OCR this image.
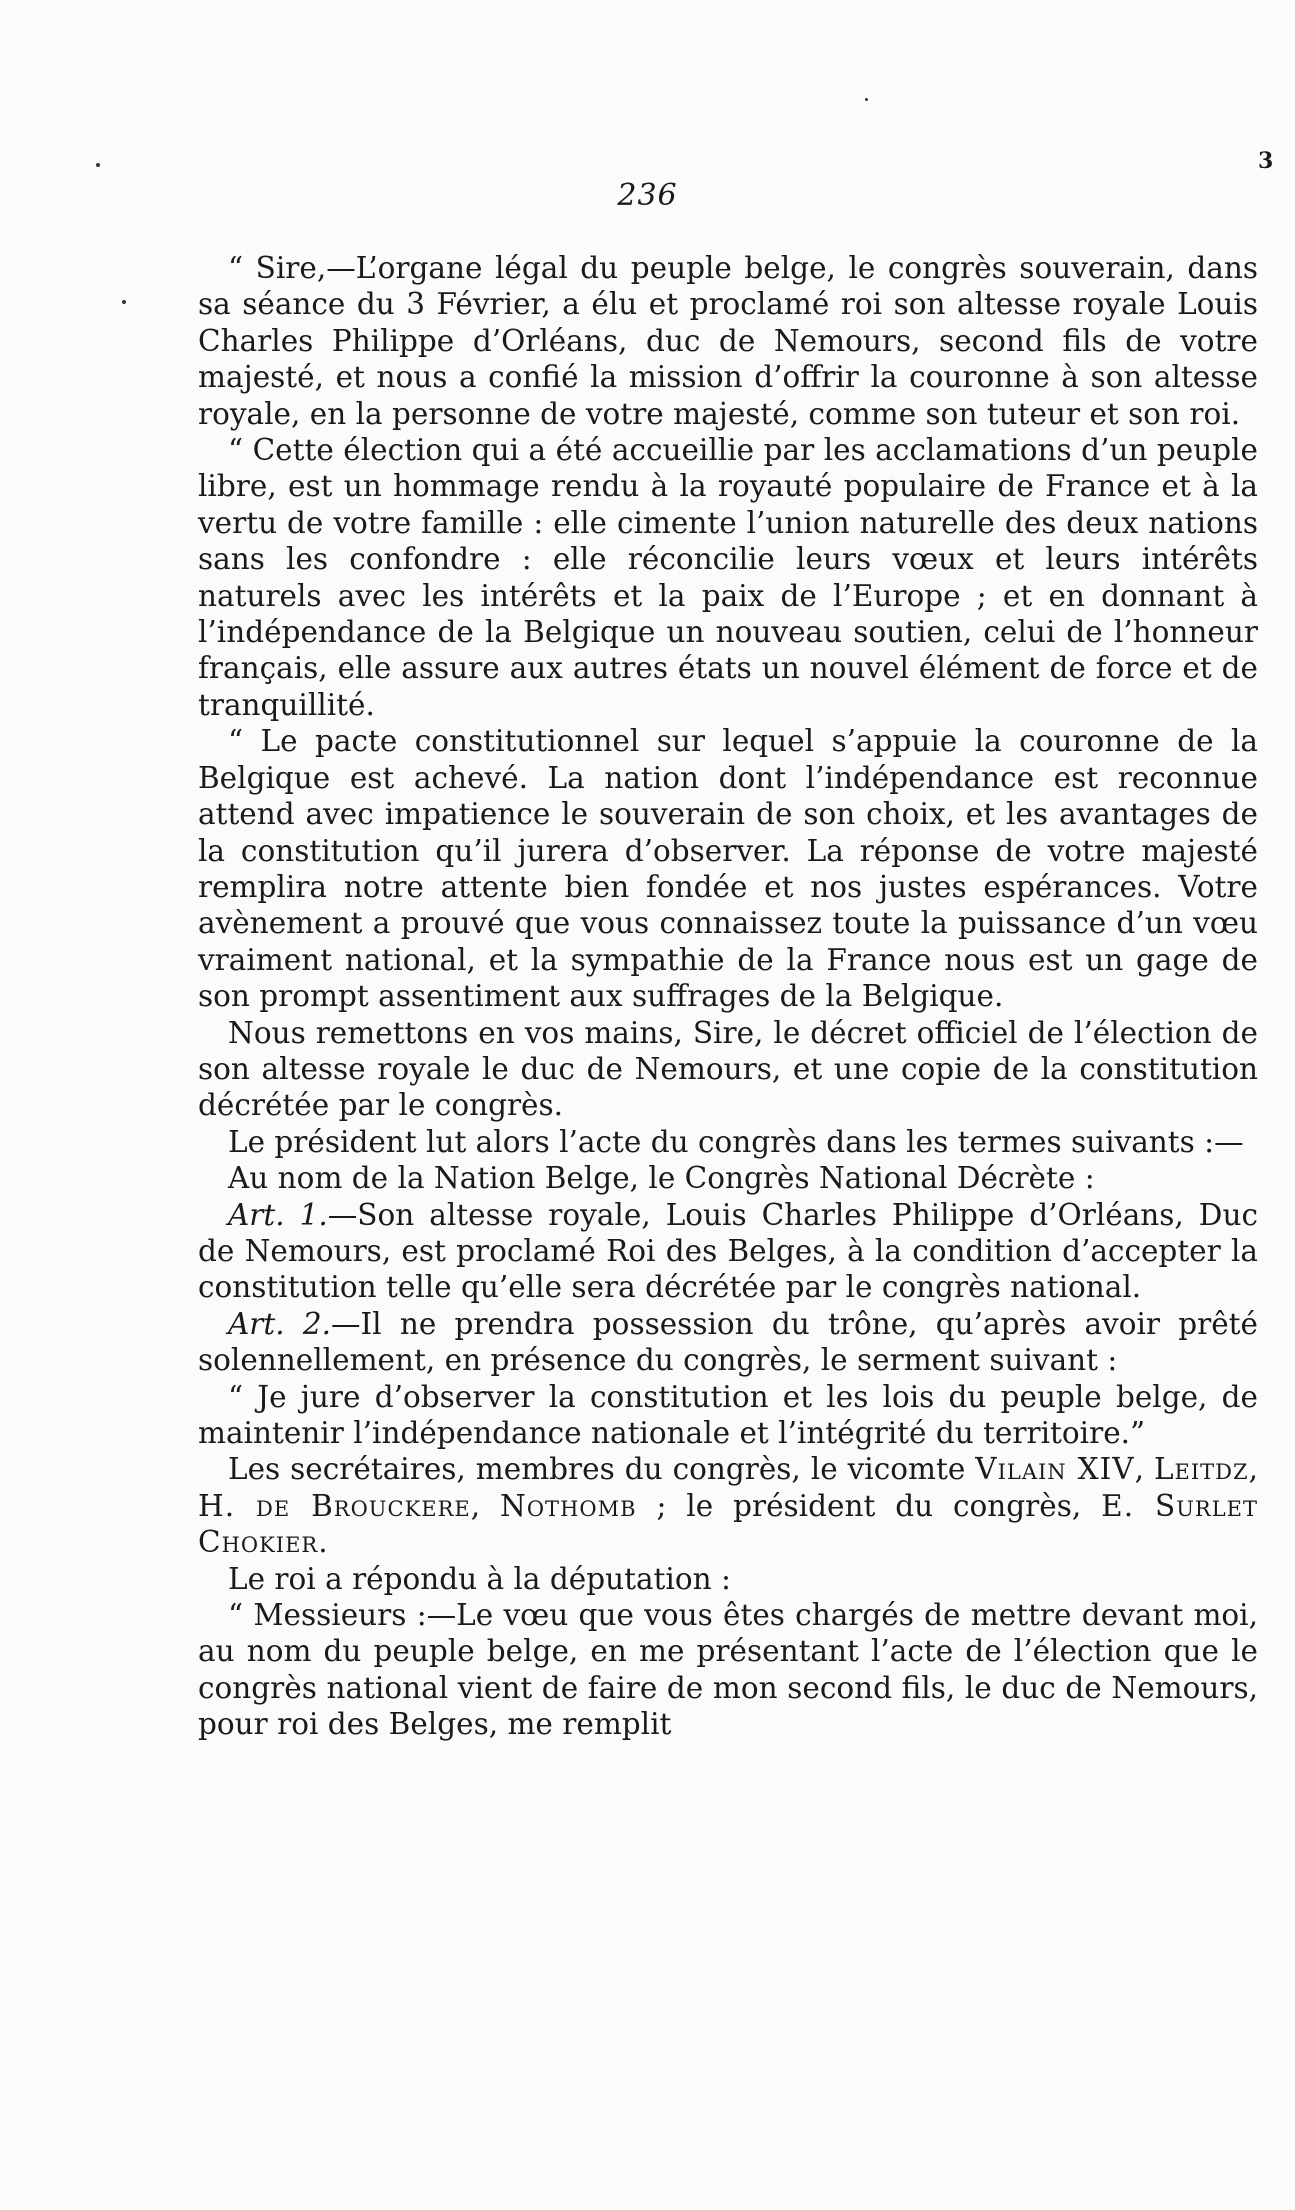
236
3

“ Sire,—L’organe légal du peuple belge, le congrès souverain, dans sa séance du 3 Février, a élu et proclamé roi son altesse royale Louis Charles Philippe d’Orléans, duc de Nemours, second fils de votre majesté, et nous a confié la mission d’offrir la couronne à son altesse royale, en la personne de votre majesté, comme son tuteur et son roi.

“ Cette élection qui a été accueillie par les acclamations d’un peuple libre, est un hommage rendu à la royauté populaire de France et à la vertu de votre famille : elle cimente l’union naturelle des deux nations sans les confondre : elle réconcilie leurs vœux et leurs intérêts naturels avec les intérêts et la paix de l’Europe ; et en donnant à l’indépendance de la Belgique un nouveau soutien, celui de l’honneur français, elle assure aux autres états un nouvel élément de force et de tranquillité.

“ Le pacte constitutionnel sur lequel s’appuie la couronne de la Belgique est achevé. La nation dont l’indépendance est reconnue attend avec impatience le souverain de son choix, et les avantages de la constitution qu’il jurera d’observer. La réponse de votre majesté remplira notre attente bien fondée et nos justes espérances. Votre avènement a prouvé que vous connaissez toute la puissance d’un vœu vraiment national, et la sympathie de la France nous est un gage de son prompt assentiment aux suffrages de la Belgique.

Nous remettons en vos mains, Sire, le décret officiel de l’élection de son altesse royale le duc de Nemours, et une copie de la constitution décrétée par le congrès.

Le président lut alors l’acte du congrès dans les termes suivants :—

Au nom de la Nation Belge, le Congrès National Décrète :

Art. 1.—Son altesse royale, Louis Charles Philippe d’Orléans, Duc de Nemours, est proclamé Roi des Belges, à la condition d’accepter la constitution telle qu’elle sera décrétée par le congrès national.

Art. 2.—Il ne prendra possession du trône, qu’après avoir prêté solennellement, en présence du congrès, le serment suivant :

“ Je jure d’observer la constitution et les lois du peuple belge, de maintenir l’indépendance nationale et l’intégrité du territoire.”

Les secrétaires, membres du congrès, le vicomte Vilain XIV, Leitdz, H. de Brouckere, Nothomb ; le président du congrès, E. Surlet Chokier.

Le roi a répondu à la députation :

“ Messieurs :—Le vœu que vous êtes chargés de mettre devant moi, au nom du peuple belge, en me présentant l’acte de l’élection que le congrès national vient de faire de mon second fils, le duc de Nemours, pour roi des Belges, me remplit
